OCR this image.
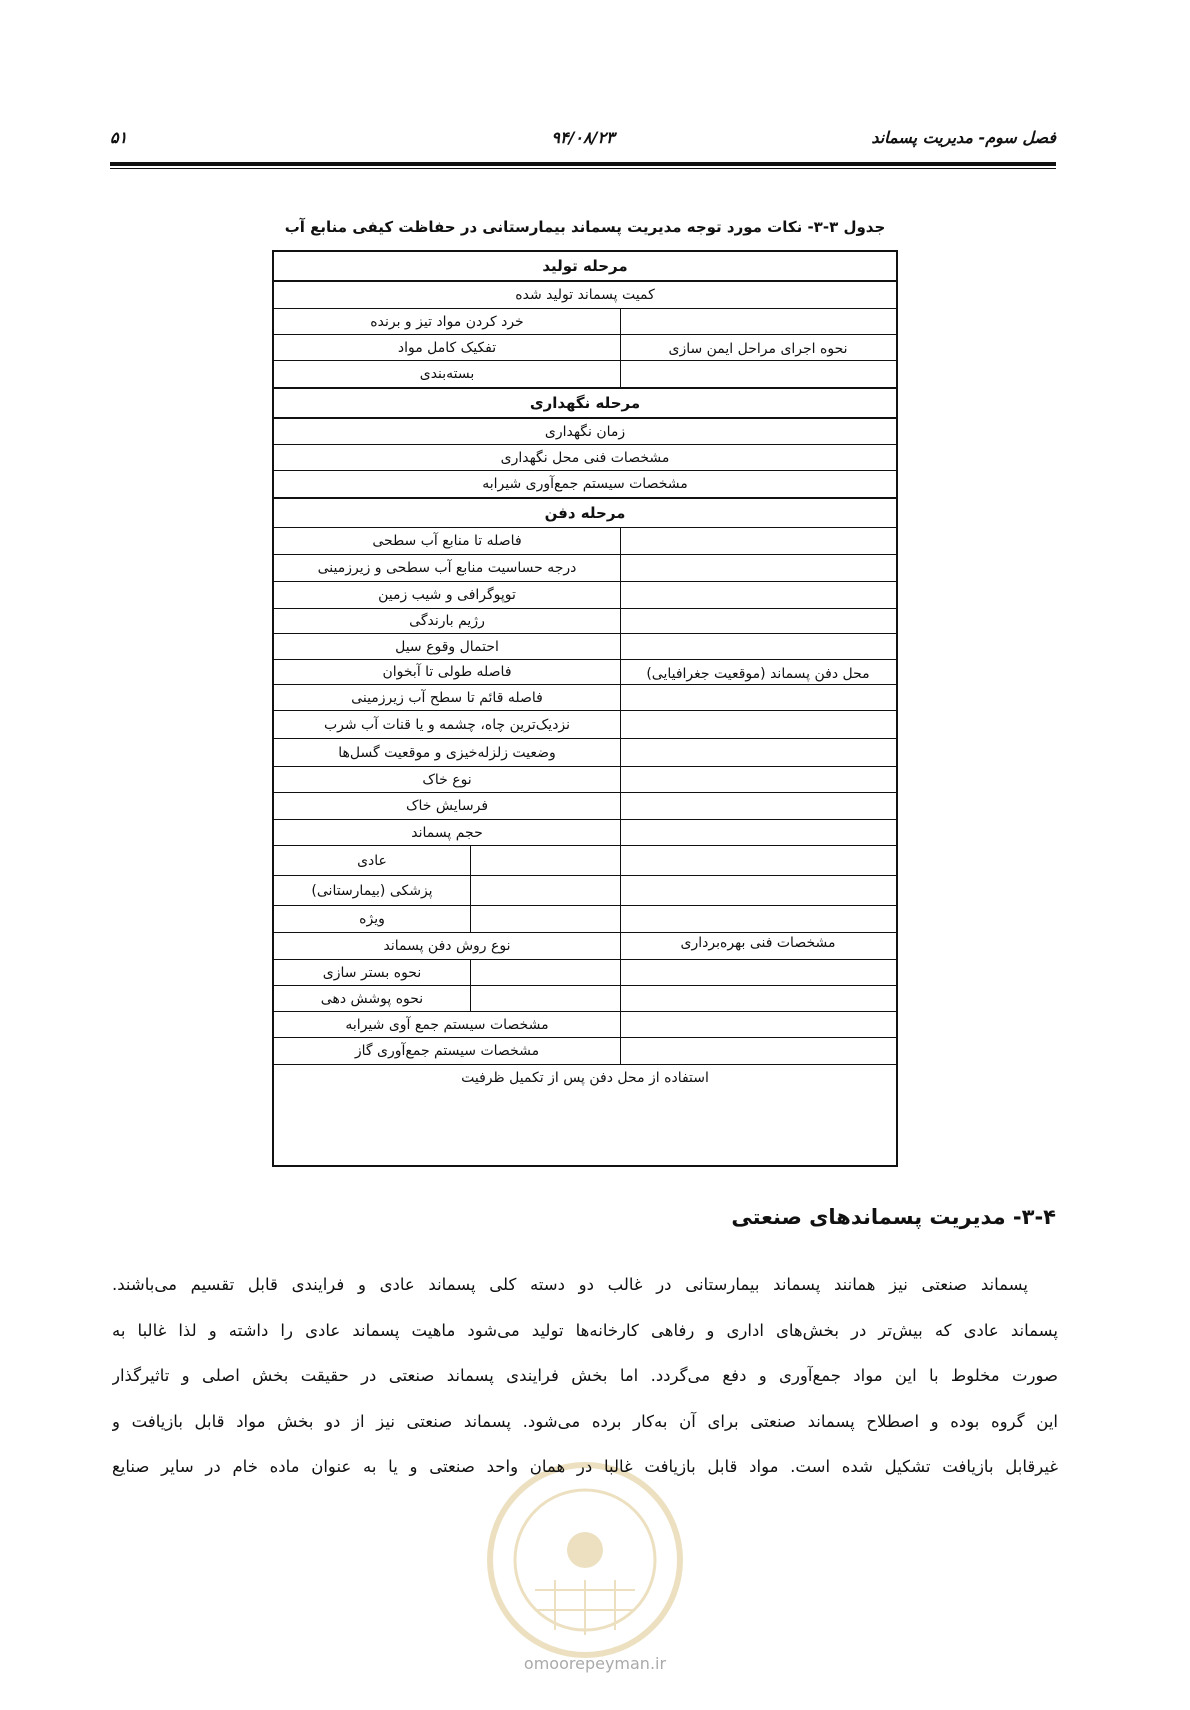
فصل سوم- مدیریت پسماند
۹۴/۰۸/۲۳
۵۱
جدول ۳-۳- نکات مورد توجه مدیریت پسماند بیمارستانی در حفاظت کیفی منابع آب
مرحله تولید
کمیت پسماند تولید شده
خرد کردن مواد تیز و برنده
تفکیک کامل مواد
بسته‌بندی
نحوه اجرای مراحل ایمن سازی
مرحله نگهداری
زمان نگهداری
مشخصات فنی محل نگهداری
مشخصات سیستم جمع‌آوری شیرابه
مرحله دفن
فاصله تا منابع آب سطحی
درجه حساسیت منابع آب سطحی و زیرزمینی
توپوگرافی و شیب زمین
رژیم بارندگی
احتمال وقوع سیل
فاصله طولی تا آبخوان
فاصله قائم تا سطح آب زیرزمینی
نزدیک‌ترین چاه، چشمه و یا قنات آب شرب
وضعیت زلزله‌خیزی و موقعیت گسل‌ها
نوع خاک
فرسایش خاک
محل دفن پسماند (موقعیت جغرافیایی)
حجم پسماند
عادی
پزشکی (بیمارستانی)
ویژه
نوع روش دفن پسماند
نحوه بستر سازی
نحوه پوشش دهی
مشخصات سیستم جمع آوی شیرابه
مشخصات سیستم جمع‌آوری گاز
مشخصات فنی بهره‌برداری
استفاده از محل دفن پس از تکمیل ظرفیت
۳-۴- مدیریت پسماندهای صنعتی
پسماند صنعتی نیز همانند پسماند بیمارستانی در غالب دو دسته کلی پسماند عادی و فرایندی قابل تقسیم می‌باشند.
پسماند عادی که بیش‌تر در بخش‌های اداری و رفاهی کارخانه‌ها تولید می‌شود ماهیت پسماند عادی را داشته و لذا غالبا به
صورت مخلوط با این مواد جمع‌آوری و دفع می‌گردد. اما بخش فرایندی پسماند صنعتی در حقیقت بخش اصلی و تاثیرگذار
این گروه بوده و اصطلاح پسماند صنعتی برای آن به‌کار برده می‌شود. پسماند صنعتی نیز از دو بخش مواد قابل بازیافت و
غیرقابل بازیافت تشکیل شده است. مواد قابل بازیافت غالبا در همان واحد صنعتی و یا به عنوان ماده خام در سایر صنایع
omoorepeyman.ir
